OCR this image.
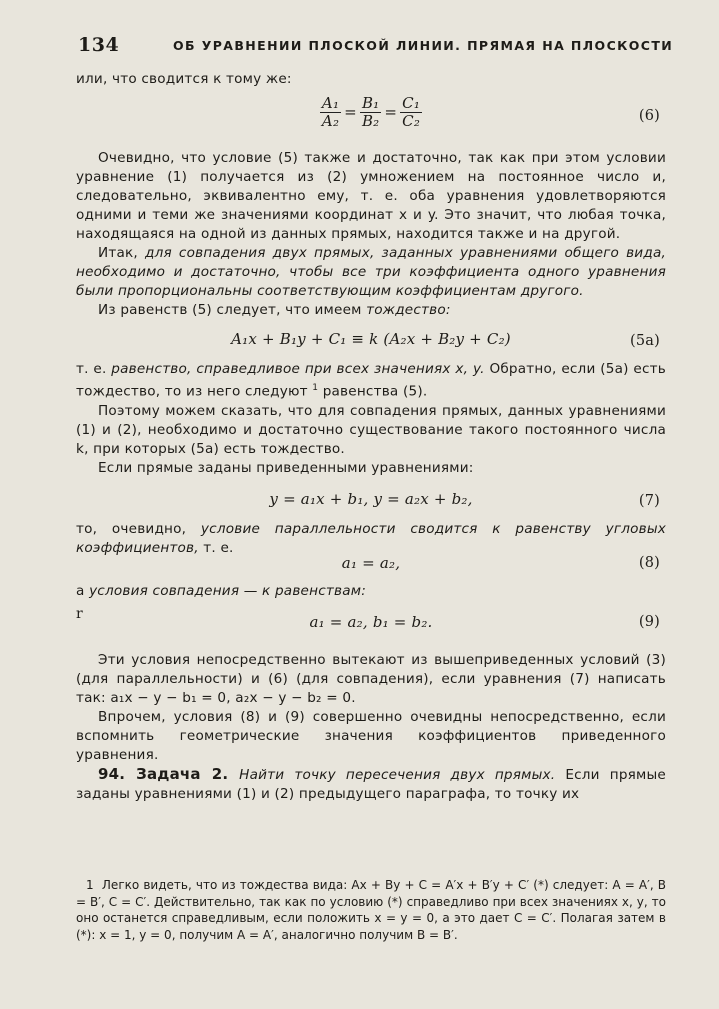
134	ОБ УРАВНЕНИИ ПЛОСКОЙ ЛИНИИ. ПРЯМАЯ НА ПЛОСКОСТИ

или, что сводится к тому же:

$\frac{\text{A₁}}{\text{A₂}} = \frac{\text{B₁}}{\text{B₂}} = \frac{\text{C₁}}{\text{C₂}}$	(6)

Очевидно, что условие (5) также и достаточно, так как при этом условии уравнение (1) получается из (2) умножением на постоянное число и, следовательно, эквивалентно ему, т. е. оба уравнения удовлетворяются одними и теми же значениями координат x и y. Это значит, что любая точка, находящаяся на одной из данных прямых, находится также и на другой.

Итак, для совпадения двух прямых, заданных уравнениями общего вида, необходимо и достаточно, чтобы все три коэффициента одного уравнения были пропорциональны соответствующим коэффициентам другого.

Из равенств (5) следует, что имеем тождество:

A₁x + B₁y + C₁ ≡ k (A₂x + B₂y + C₂)	(5a)

т. е. равенство, справедливое при всех значениях x, y. Обратно, если (5a) есть тождество, то из него следуют $^1$ равенства (5).

Поэтому можем сказать, что для совпадения прямых, данных уравнениями (1) и (2), необходимо и достаточно существование такого постоянного числа k, при которых (5a) есть тождество.

Если прямые заданы приведенными уравнениями:

y = a₁x + b₁, y = a₂x + b₂,	(7)

то, очевидно, условие параллельности сводится к равенству угловых коэффициентов, т. е.

a₁ = a₂,	(8)

а условия совпадения — к равенствам:

r	a₁ = a₂, b₁ = b₂.	(9)

Эти условия непосредственно вытекают из вышеприведенных условий (3) (для параллельности) и (6) (для совпадения), если уравнения (7) написать так: a₁x − y − b₁ = 0, a₂x − y − b₂ = 0.

Впрочем, условия (8) и (9) совершенно очевидны непосредственно, если вспомнить геометрические значения коэффициентов приведенного уравнения.

94. Задача 2. Найти точку пересечения двух прямых. Если прямые заданы уравнениями (1) и (2) предыдущего параграфа, то точку их

1 Легко видеть, что из тождества вида: Ax + By + C = A′x + B′y + C′ (*) следует: A = A′, B = B′, C = C′. Действительно, так как по условию (*) справедливо при всех значениях x, y, то оно останется справедливым, если положить x = y = 0, а это дает C = C′. Полагая затем в (*): x = 1, y = 0, получим A = A′, аналогично получим B = B′.
